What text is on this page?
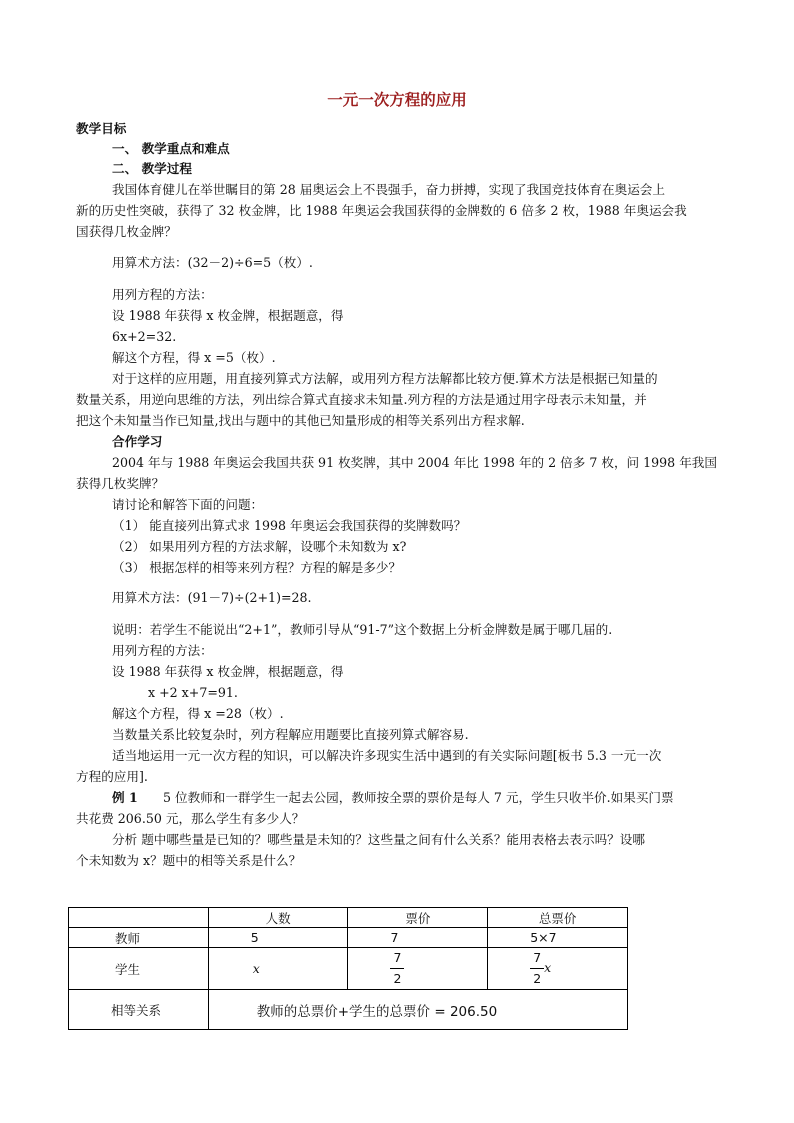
一元一次方程的应用
教学目标
一、 教学重点和难点
二、 教学过程
我国体育健儿在举世瞩目的第 28 届奥运会上不畏强手，奋力拼搏，实现了我国竞技体育在奥运会上
新的历史性突破，获得了 32 枚金牌，比 1988 年奥运会我国获得的金牌数的 6 倍多 2 枚，1988 年奥运会我
国获得几枚金牌？
用算术方法：(32－2)÷6=5（枚）.
用列方程的方法：
设 1988 年获得 x 枚金牌，根据题意，得
6x+2=32.
解这个方程，得 x =5（枚）.
对于这样的应用题，用直接列算式方法解，或用列方程方法解都比较方便.算术方法是根据已知量的
数量关系，用逆向思维的方法，列出综合算式直接求未知量.列方程的方法是通过用字母表示未知量，并
把这个未知量当作已知量,找出与题中的其他已知量形成的相等关系列出方程求解.
合作学习
2004 年与 1988 年奥运会我国共获 91 枚奖牌，其中 2004 年比 1998 年的 2 倍多 7 枚，问 1998 年我国
获得几枚奖牌？
请讨论和解答下面的问题：
（1） 能直接列出算式求 1998 年奥运会我国获得的奖牌数吗？
（2） 如果用列方程的方法求解，设哪个未知数为 x?
（3） 根据怎样的相等来列方程？方程的解是多少？
用算术方法：(91－7)÷(2+1)=28.
说明：若学生不能说出“2+1”，教师引导从“91-7”这个数据上分析金牌数是属于哪几届的.
用列方程的方法：
设 1988 年获得 x 枚金牌，根据题意，得
x +2 x+7=91.
解这个方程，得 x =28（枚）.
当数量关系比较复杂时，列方程解应用题要比直接列算式解容易.
适当地运用一元一次方程的知识，可以解决许多现实生活中遇到的有关实际问题[板书 5.3 一元一次
方程的应用].
例 1 5 位教师和一群学生一起去公园，教师按全票的票价是每人 7 元，学生只收半价.如果买门票
共花费 206.50 元，那么学生有多少人？
分析 题中哪些量是已知的？哪些量是未知的？这些量之间有什么关系？能用表格去表示吗？设哪
个未知数为 x？题中的相等关系是什么？
	人数	票价	总票价
教师	5	7	5×7
学生	x	$\frac{7}{2}$	$\frac{7}{2}$ x
相等关系	教师的总票价+学生的总票价 = 206.50		
